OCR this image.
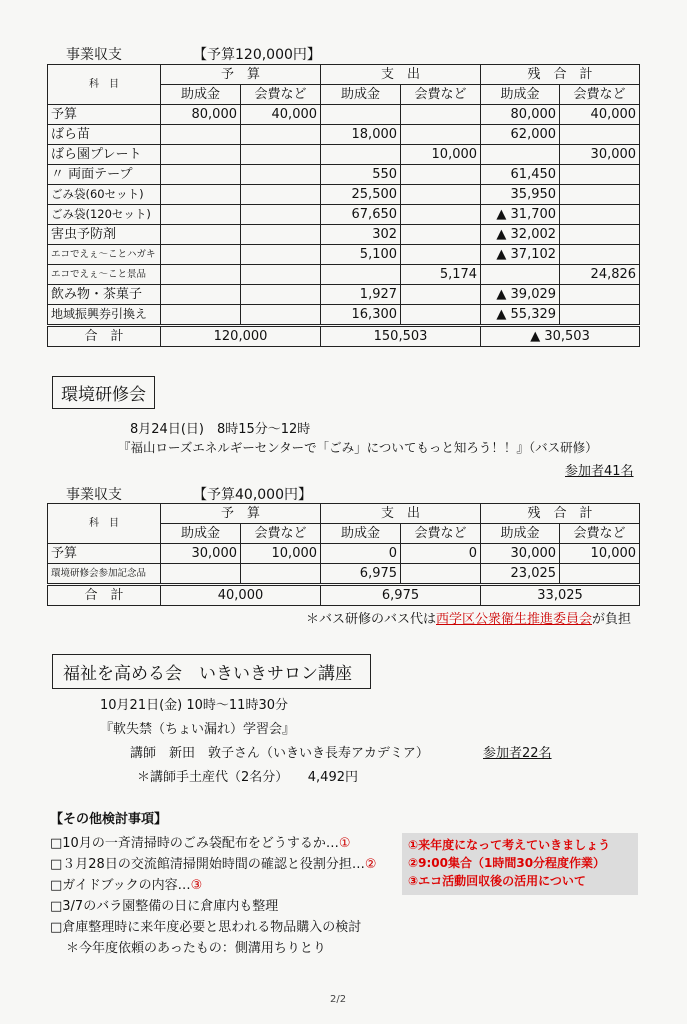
事業収支	【予算120,000円】
科　目	予　算		支　出		残　合　計	
	助成金	会費など	助成金	会費など	助成金	会費など
予算	80,000	40,000			80,000	40,000
ばら苗			18,000		62,000	
ばら園プレート				10,000		30,000
〃 両面テープ			550		61,450	
ごみ袋(60セット)			25,500		35,950	
ごみ袋(120セット)			67,650		▲ 31,700	
害虫予防剤			302		▲ 32,002	
エコでえぇ～ことハガキ			5,100		▲ 37,102	
エコでえぇ～こと景品				5,174		24,826
飲み物・茶菓子			1,927		▲ 39,029	
地域振興券引換え			16,300		▲ 55,329	
合　計	120,000		150,503		▲ 30,503	
環境研修会
8月24日(日)　8時15分～12時
『福山ローズエネルギーセンターで「ごみ」についてもっと知ろう！！』（バス研修）
参加者41名
事業収支	【予算40,000円】
科　目	予　算		支　出		残　合　計	
	助成金	会費など	助成金	会費など	助成金	会費など
予算	30,000	10,000	0	0	30,000	10,000
環境研修会参加記念品			6,975		23,025	
合　計	40,000		6,975		33,025	
＊バス研修のバス代は西学区公衆衛生推進委員会が負担
福祉を高める会　いきいきサロン講座
10月21日(金) 10時～11時30分
『軟失禁（ちょい漏れ）学習会』
講師　新田　敦子さん（いきいき長寿アカデミア）	参加者22名
＊講師手土産代（2名分）　　4,492円
【その他検討事項】
□10月の一斉清掃時のごみ袋配布をどうするか…①
□３月28日の交流館清掃開始時間の確認と役割分担…②
□ガイドブックの内容…③
□3/7のバラ園整備の日に倉庫内も整理
□倉庫整理時に来年度必要と思われる物品購入の検討
＊今年度依頼のあったもの：側溝用ちりとり
①来年度になって考えていきましょう
②9:00集合（1時間30分程度作業）
③エコ活動回収後の活用について
2/2
